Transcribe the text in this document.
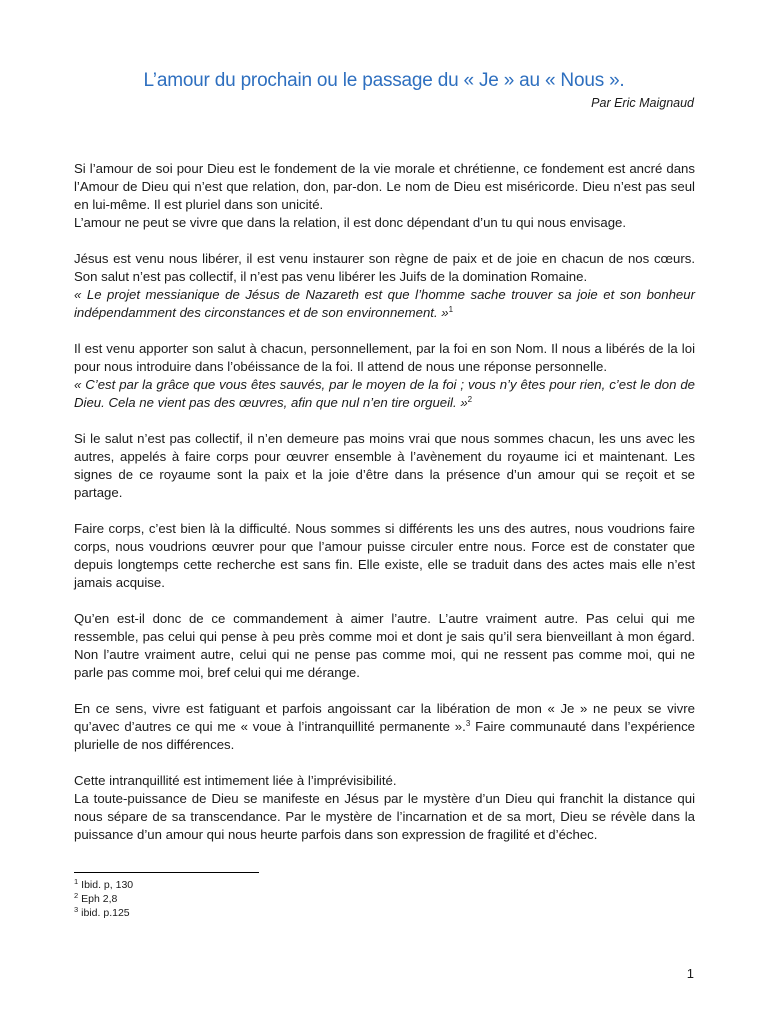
L’amour du prochain ou le passage du « Je » au « Nous ».
Par Eric Maignaud

Si l’amour de soi pour Dieu est le fondement de la vie morale et chrétienne, ce fondement est ancré dans l’Amour de Dieu qui n’est que relation, don, par-don. Le nom de Dieu est miséricorde. Dieu n’est pas seul en lui-même. Il est pluriel dans son unicité.

L’amour ne peut se vivre que dans la relation, il est donc dépendant d’un tu qui nous envisage.

Jésus est venu nous libérer, il est venu instaurer son règne de paix et de joie en chacun de nos cœurs. Son salut n’est pas collectif, il n’est pas venu libérer les Juifs de la domination Romaine.

« Le projet messianique de Jésus de Nazareth est que l’homme sache trouver sa joie et son bonheur indépendamment des circonstances et de son environnement. »$^1$

Il est venu apporter son salut à chacun, personnellement, par la foi en son Nom. Il nous a libérés de la loi pour nous introduire dans l’obéissance de la foi. Il attend de nous une réponse personnelle.

« C’est par la grâce que vous êtes sauvés, par le moyen de la foi ; vous n’y êtes pour rien, c’est le don de Dieu. Cela ne vient pas des œuvres, afin que nul n’en tire orgueil. »$^2$

Si le salut n’est pas collectif, il n’en demeure pas moins vrai que nous sommes chacun, les uns avec les autres, appelés à faire corps pour œuvrer ensemble à l’avènement du royaume ici et maintenant. Les signes de ce royaume sont la paix et la joie d’être dans la présence d’un amour qui se reçoit et se partage.

Faire corps, c’est bien là la difficulté. Nous sommes si différents les uns des autres, nous voudrions faire corps, nous voudrions œuvrer pour que l’amour puisse circuler entre nous. Force est de constater que depuis longtemps cette recherche est sans fin. Elle existe, elle se traduit dans des actes mais elle n’est jamais acquise.

Qu’en est-il donc de ce commandement à aimer l’autre. L’autre vraiment autre. Pas celui qui me ressemble, pas celui qui pense à peu près comme moi et dont je sais qu’il sera bienveillant à mon égard. Non l’autre vraiment autre, celui qui ne pense pas comme moi, qui ne ressent pas comme moi, qui ne parle pas comme moi, bref celui qui me dérange.

En ce sens, vivre est fatiguant et parfois angoissant car la libération de mon « Je » ne peux se vivre qu’avec d’autres ce qui me « voue à l’intranquillité permanente ».$^3$ Faire communauté dans l’expérience plurielle de nos différences.

Cette intranquillité est intimement liée à l’imprévisibilité.

La toute-puissance de Dieu se manifeste en Jésus par le mystère d’un Dieu qui franchit la distance qui nous sépare de sa transcendance. Par le mystère de l’incarnation et de sa mort, Dieu se révèle dans la puissance d’un amour qui nous heurte parfois dans son expression de fragilité et d’échec.

$^1$ Ibid. p, 130
$^2$ Eph 2,8
$^3$ ibid. p.125
1
